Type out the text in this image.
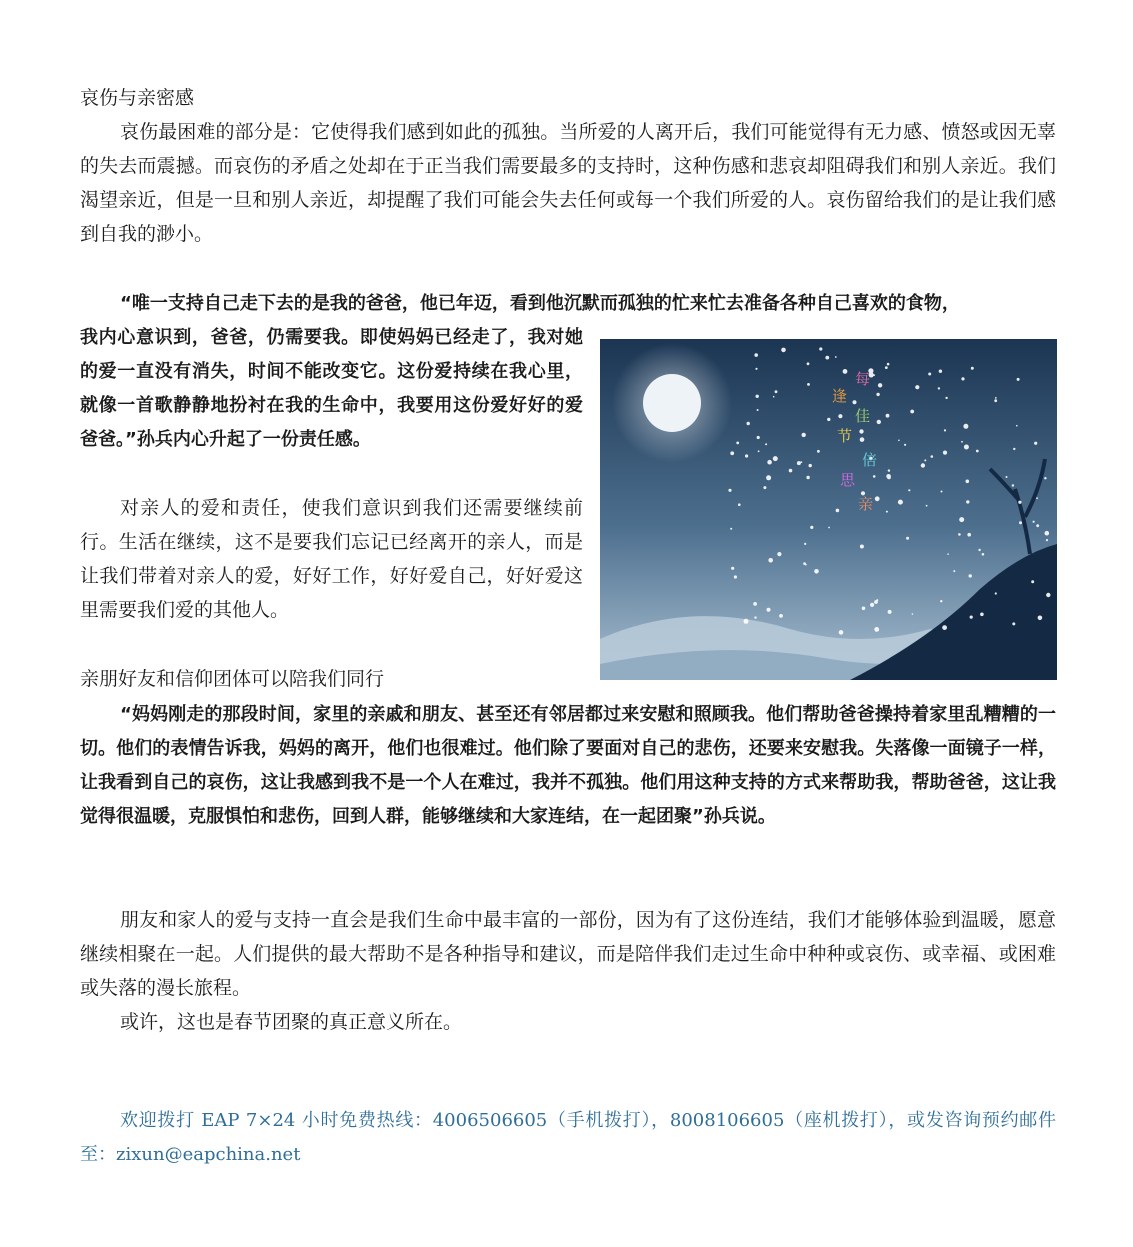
哀伤与亲密感

哀伤最困难的部分是：它使得我们感到如此的孤独。当所爱的人离开后，我们可能觉得有无力感、愤怒或因无辜的失去而震撼。而哀伤的矛盾之处却在于正当我们需要最多的支持时，这种伤感和悲哀却阻碍我们和别人亲近。我们渴望亲近，但是一旦和别人亲近，却提醒了我们可能会失去任何或每一个我们所爱的人。哀伤留给我们的是让我们感到自我的渺小。

“唯一支持自己走下去的是我的爸爸，他已年迈，看到他沉默而孤独的忙来忙去准备各种自己喜欢的食物，

我内心意识到，爸爸，仍需要我。即使妈妈已经走了，我对她的爱一直没有消失，时间不能改变它。这份爱持续在我心里，就像一首歌静静地扮衬在我的生命中，我要用这份爱好好的爱爸爸。”孙兵内心升起了一份责任感。

对亲人的爱和责任，使我们意识到我们还需要继续前行。生活在继续，这不是要我们忘记已经离开的亲人，而是让我们带着对亲人的爱，好好工作，好好爱自己，好好爱这里需要我们爱的其他人。

亲朋好友和信仰团体可以陪我们同行

“妈妈刚走的那段时间，家里的亲戚和朋友、甚至还有邻居都过来安慰和照顾我。他们帮助爸爸操持着家里乱糟糟的一切。他们的表情告诉我，妈妈的离开，他们也很难过。他们除了要面对自己的悲伤，还要来安慰我。失落像一面镜子一样，让我看到自己的哀伤，这让我感到我不是一个人在难过，我并不孤独。他们用这种支持的方式来帮助我，帮助爸爸，这让我觉得很温暖，克服惧怕和悲伤，回到人群，能够继续和大家连结，在一起团聚”孙兵说。

朋友和家人的爱与支持一直会是我们生命中最丰富的一部份，因为有了这份连结，我们才能够体验到温暖，愿意继续相聚在一起。人们提供的最大帮助不是各种指导和建议，而是陪伴我们走过生命中种种或哀伤、或幸福、或困难或失落的漫长旅程。

或许，这也是春节团聚的真正意义所在。

欢迎拨打 EAP 7×24 小时免费热线：4006506605（手机拨打），8008106605（座机拨打），或发咨询预约邮件至：zixun@eapchina.net

每
逢
佳
节
倍
思
亲
